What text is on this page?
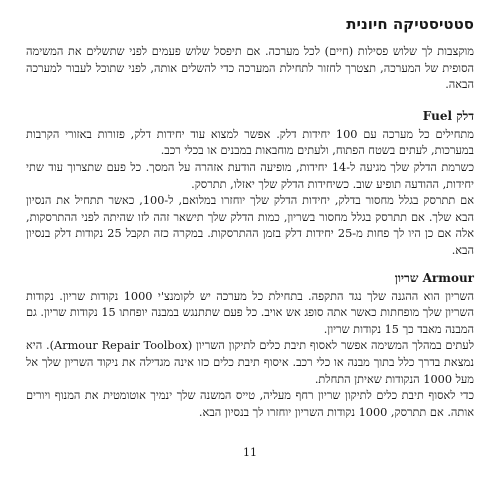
סטטיסטיקה חיונית

מוקצבות לך שלוש פסילות (חיים) לכל מערכה. אם תיפסל שלוש פעמים לפני שתשלים את המשימה הסופית של המערכה, תצטרך לחזור לתחילת המערכה כדי להשלים אותה, לפני שתוכל לעבור למערכה הבאה.

דלק Fuel

מתחילים כל מערכה עם 100 יחידות דלק. אפשר למצוא עוד יחידות דלק, פזורות באזורי הקרבות במערכות, לעתים בשטח הפתוח, ולעתים מוחבאות במבנים או בכלי רכב.

כשרמת הדלק שלך מגיעה ל-14 יחידות, מופיעה הודעת אזהרה על המסך. כל פעם שתצרוך עוד שתי יחידות, ההודעה תופיע שוב. כשיחידות הדלק שלך יאזלו, תתרסק.

אם תתרסק בגלל מחסור בדלק, יחידות הדלק שלך יוחזרו במלואם, ל-100, כאשר תתחיל את הנסיון הבא שלך. אם תתרסק בגלל מחסור בשריון, כמות הדלק שלך תישאר זהה לזו שהיתה לפני ההתרסקות, אלה אם כן היו לך פחות מ-25 יחידות דלק בזמן ההתרסקות. במקרה כזה תקבל 25 נקודות דלק בנסיון הבא.

Armour שריון

השריון הוא ההגנה שלך נגד התקפה. בתחילת כל מערכה יש לקומנצ'י 1000 נקודות שריון. נקודות השריון שלך מופחתות כאשר אתה סופג אש אויב. כל פעם שתתנגש במבנה יופחתו 15 נקודות שריון. גם המבנה מאבד כך 15 נקודות שריון.

לעתים במהלך המשימה אפשר לאסוף תיבת כלים לתיקון השריון (Armour Repair Toolbox). היא נמצאת בדרך כלל בתוך מבנה או כלי רכב. איסוף תיבת כלים כזו אינה מגדילה את ניקוד השריון שלך אל מעל 1000 הנקודות שאיתן התחלת.

כדי לאסוף תיבת כלים לתיקון שריון רחף מעליה, טייס המשנה שלך ינמיך אוטומטית את המנוף ויורים אותה. אם תתרסק, 1000 נקודות השריון יוחזרו לך בנסיון הבא.

11
